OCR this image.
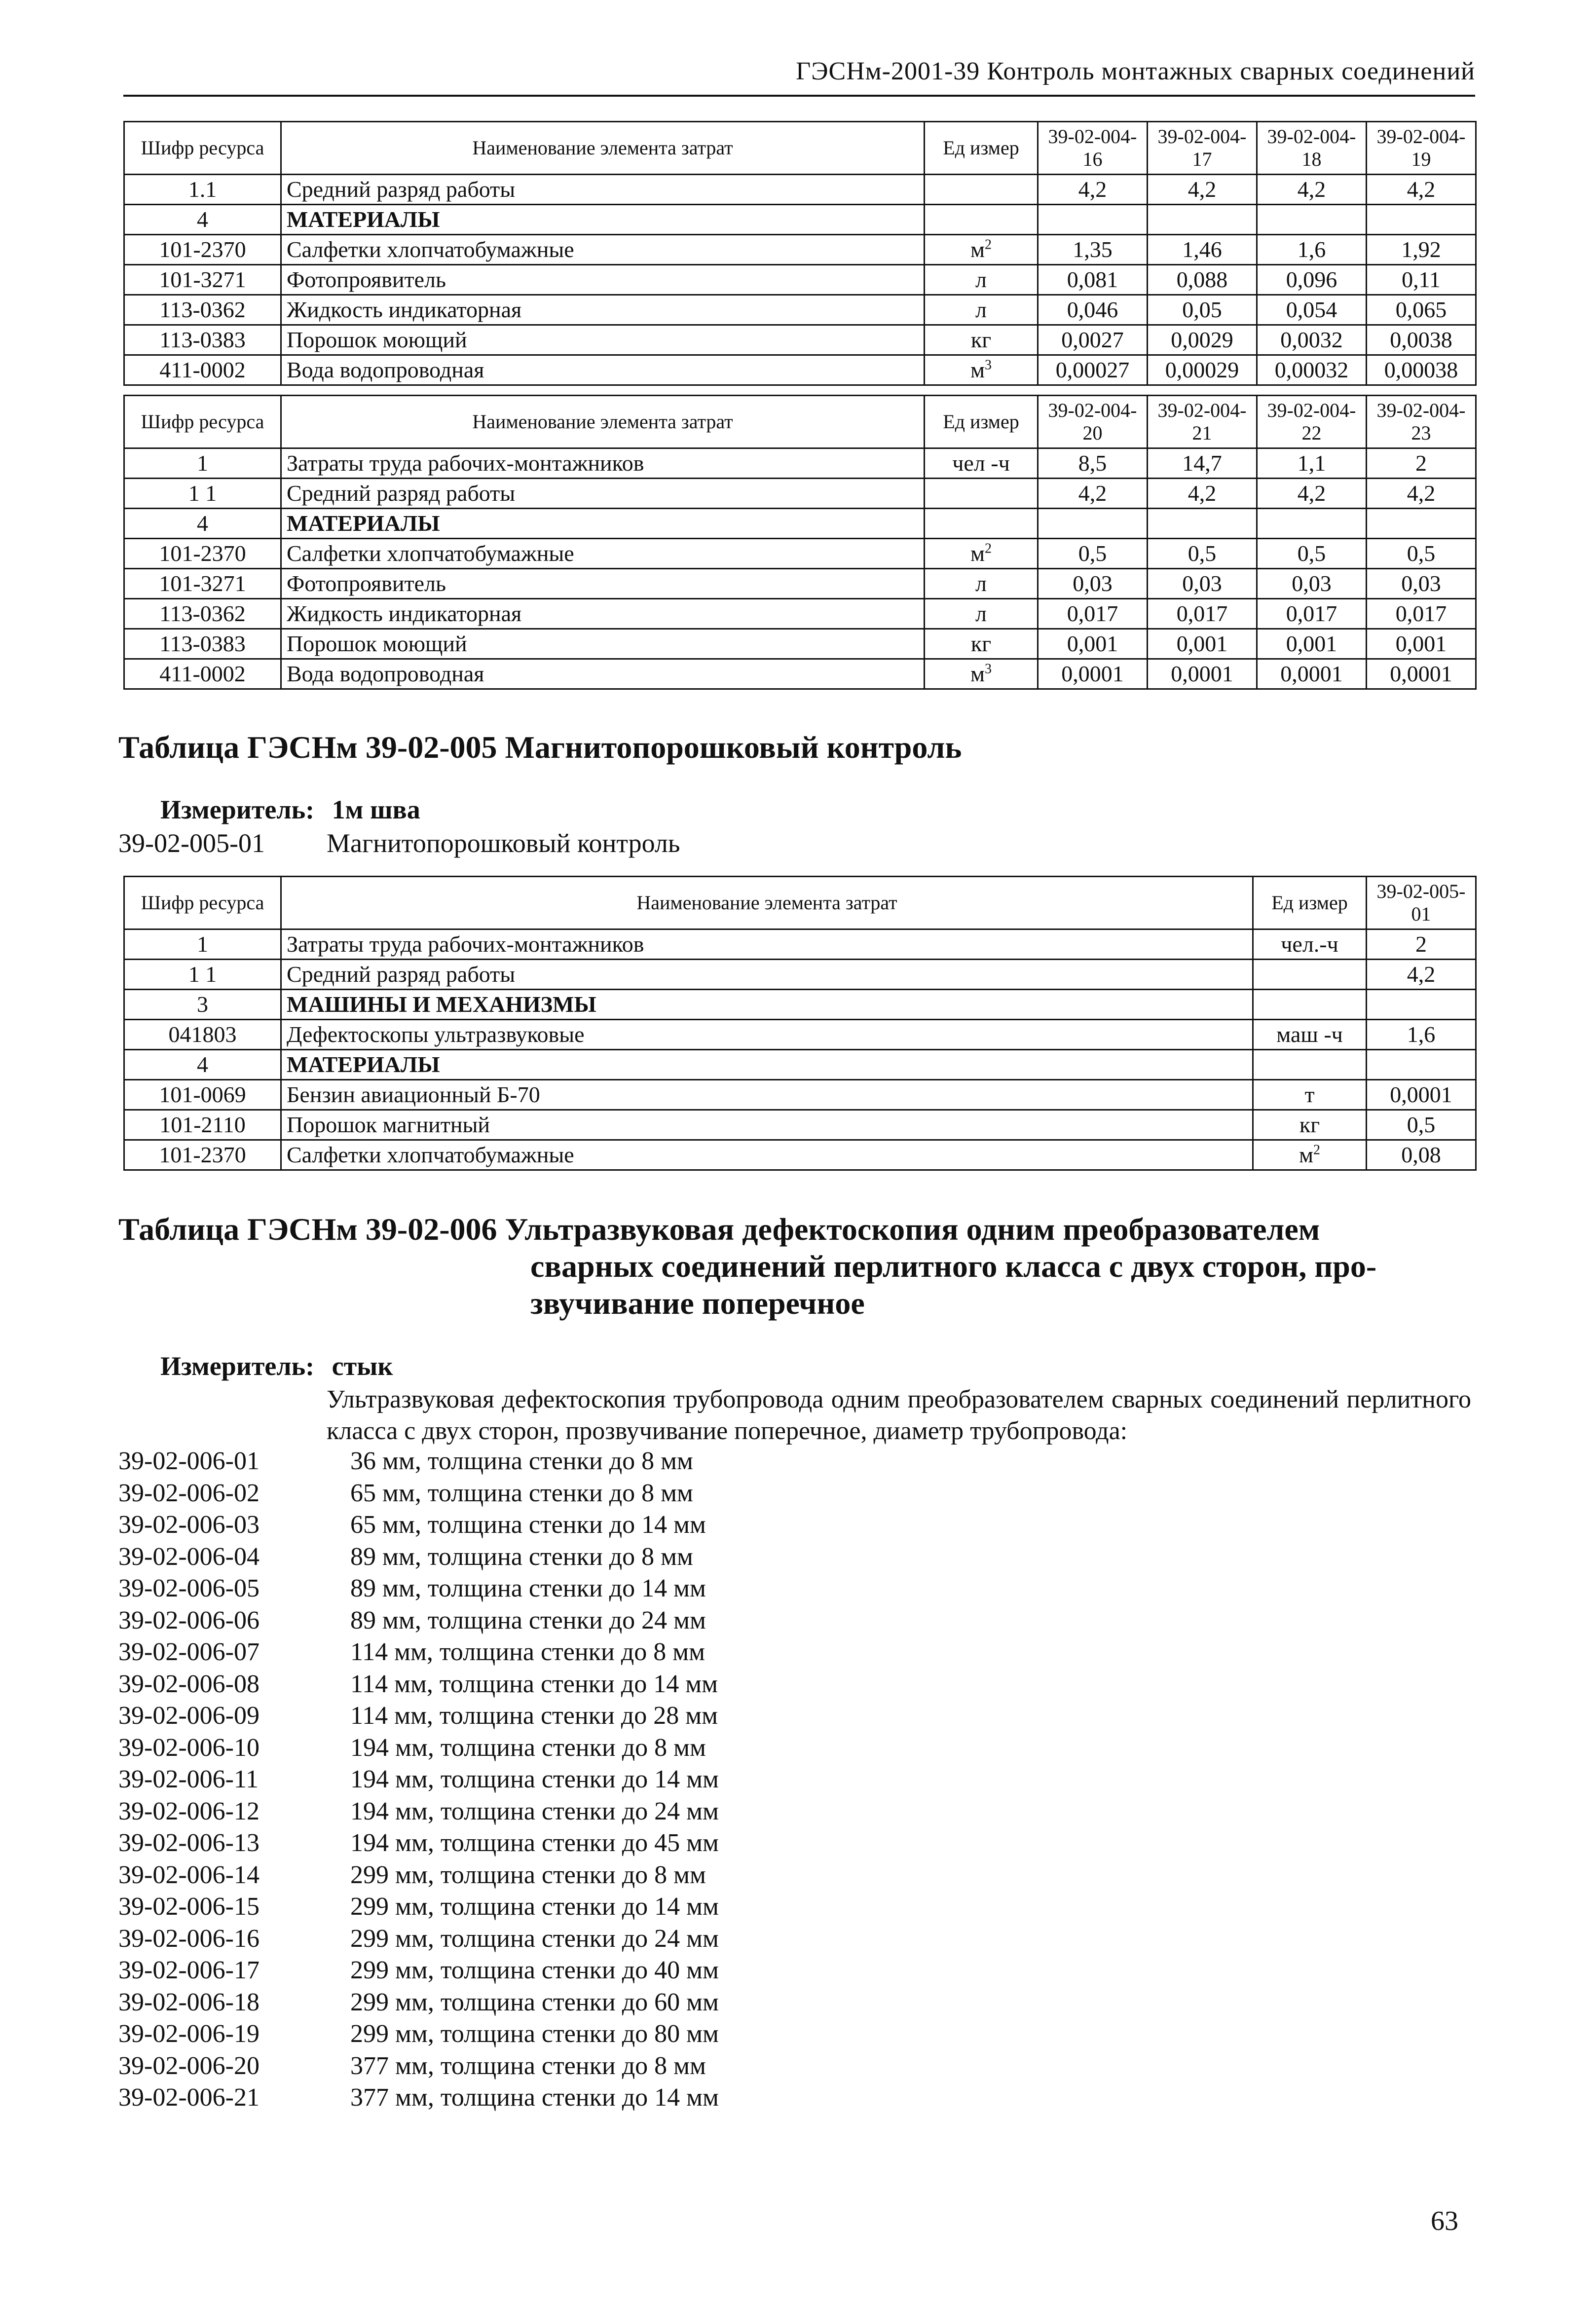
ГЭСНм-2001-39 Контроль монтажных сварных соединений
Шифр ресурса	Наименование элемента затрат	Ед измер	39-02-004-16	39-02-004-17	39-02-004-18	39-02-004-19
1.1	Средний разряд работы		4,2	4,2	4,2	4,2
4	МАТЕРИАЛЫ					
101-2370	Салфетки хлопчатобумажные	$м^2$	1,35	1,46	1,6	1,92
101-3271	Фотопроявитель	л	0,081	0,088	0,096	0,11
113-0362	Жидкость индикаторная	л	0,046	0,05	0,054	0,065
113-0383	Порошок моющий	кг	0,0027	0,0029	0,0032	0,0038
411-0002	Вода водопроводная	$м^3$	0,00027	0,00029	0,00032	0,00038
Шифр ресурса	Наименование элемента затрат	Ед измер	39-02-004-20	39-02-004-21	39-02-004-22	39-02-004-23
1	Затраты труда рабочих-монтажников	чел -ч	8,5	14,7	1,1	2
1 1	Средний разряд работы		4,2	4,2	4,2	4,2
4	МАТЕРИАЛЫ					
101-2370	Салфетки хлопчатобумажные	$м^2$	0,5	0,5	0,5	0,5
101-3271	Фотопроявитель	л	0,03	0,03	0,03	0,03
113-0362	Жидкость индикаторная	л	0,017	0,017	0,017	0,017
113-0383	Порошок моющий	кг	0,001	0,001	0,001	0,001
411-0002	Вода водопроводная	$м^3$	0,0001	0,0001	0,0001	0,0001
Таблица ГЭСНм 39-02-005 Магнитопорошковый контроль
Измеритель: 1м шва
39-02-005-01 Магнитопорошковый контроль
Шифр ресурса	Наименование элемента затрат	Ед измер	39-02-005-01
1	Затраты труда рабочих-монтажников	чел.-ч	2
1 1	Средний разряд работы		4,2
3	МАШИНЫ И МЕХАНИЗМЫ		
041803	Дефектоскопы ультразвуковые	маш -ч	1,6
4	МАТЕРИАЛЫ		
101-0069	Бензин авиационный Б-70	т	0,0001
101-2110	Порошок магнитный	кг	0,5
101-2370	Салфетки хлопчатобумажные	$м^2$	0,08
Таблица ГЭСНм 39-02-006 Ультразвуковая дефектоскопия одним преобразователем
сварных соединений перлитного класса с двух сторон, про-
звучивание поперечное
Измеритель: стык
Ультразвуковая дефектоскопия трубопровода одним преобразователем сварных соединений перлитного класса с двух сторон, прозвучивание поперечное, диаметр трубопровода:
39-02-006-01	36 мм, толщина стенки до 8 мм
39-02-006-02	65 мм, толщина стенки до 8 мм
39-02-006-03	65 мм, толщина стенки до 14 мм
39-02-006-04	89 мм, толщина стенки до 8 мм
39-02-006-05	89 мм, толщина стенки до 14 мм
39-02-006-06	89 мм, толщина стенки до 24 мм
39-02-006-07	114 мм, толщина стенки до 8 мм
39-02-006-08	114 мм, толщина стенки до 14 мм
39-02-006-09	114 мм, толщина стенки до 28 мм
39-02-006-10	194 мм, толщина стенки до 8 мм
39-02-006-11	194 мм, толщина стенки до 14 мм
39-02-006-12	194 мм, толщина стенки до 24 мм
39-02-006-13	194 мм, толщина стенки до 45 мм
39-02-006-14	299 мм, толщина стенки до 8 мм
39-02-006-15	299 мм, толщина стенки до 14 мм
39-02-006-16	299 мм, толщина стенки до 24 мм
39-02-006-17	299 мм, толщина стенки до 40 мм
39-02-006-18	299 мм, толщина стенки до 60 мм
39-02-006-19	299 мм, толщина стенки до 80 мм
39-02-006-20	377 мм, толщина стенки до 8 мм
39-02-006-21	377 мм, толщина стенки до 14 мм
63
